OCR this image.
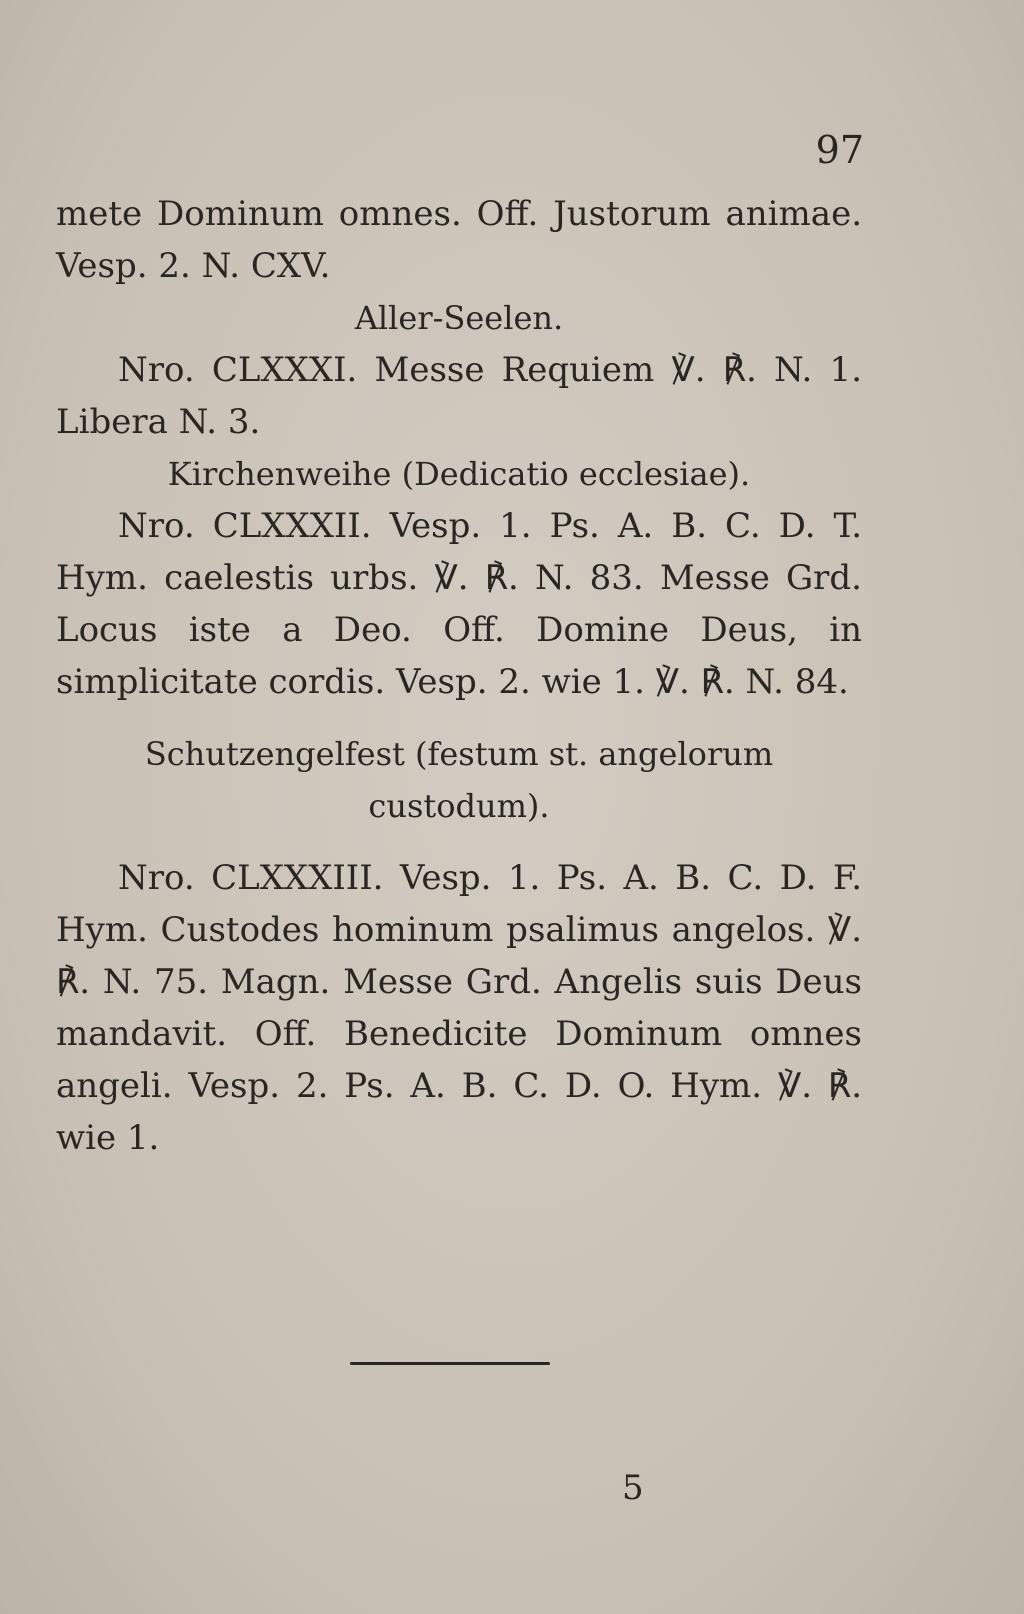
97

mete Dominum omnes. Off. Justorum animae. Vesp. 2. N. CXV.

Aller-Seelen.

Nro. CLXXXI. Messe Requiem ℣. ℟. N. 1. Libera N. 3.

Kirchenweihe (Dedicatio ecclesiae).

Nro. CLXXXII. Vesp. 1. Ps. A. B. C. D. T. Hym. caelestis urbs. ℣. ℟. N. 83. Messe Grd. Locus iste a Deo. Off. Domine Deus, in simplicitate cordis. Vesp. 2. wie 1. ℣. ℟. N. 84.

Schutzengelfest (festum st. angelorum custodum).

Nro. CLXXXIII. Vesp. 1. Ps. A. B. C. D. F. Hym. Custodes hominum psalimus angelos. ℣. ℟. N. 75. Magn. Messe Grd. Angelis suis Deus mandavit. Off. Benedicite Dominum omnes angeli. Vesp. 2. Ps. A. B. C. D. O. Hym. ℣. ℟. wie 1.

5
